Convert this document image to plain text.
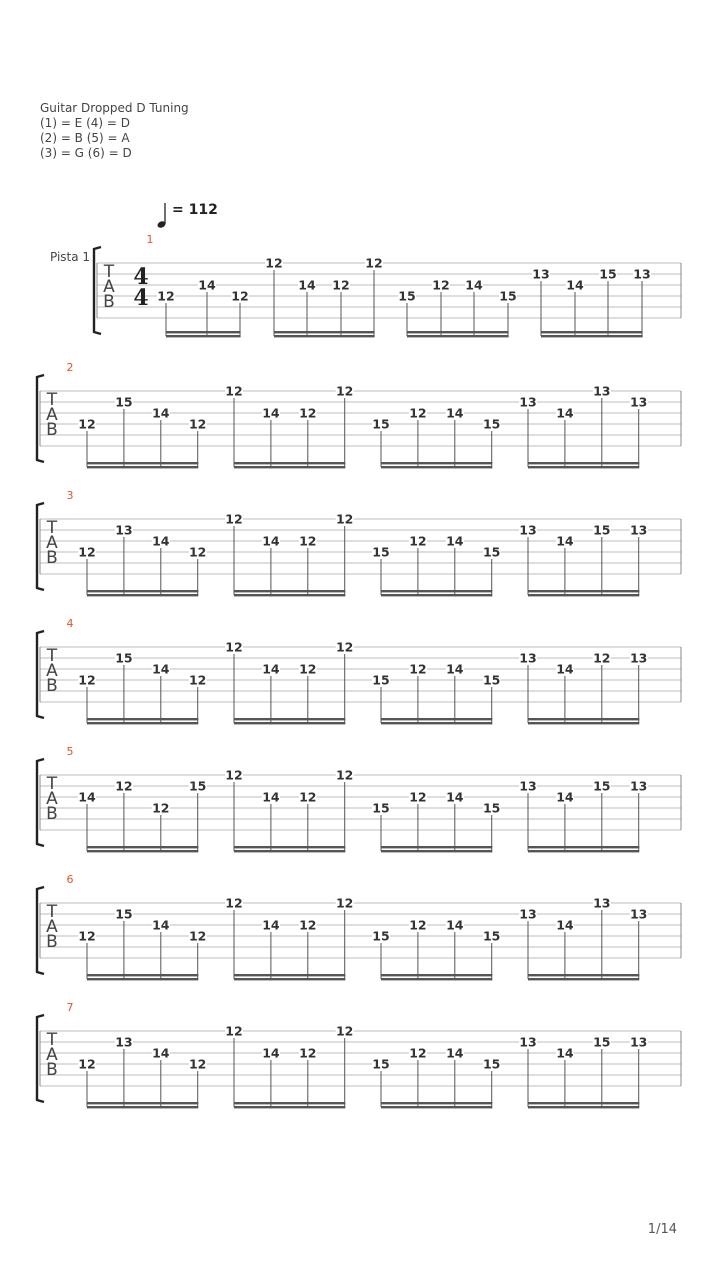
Guitar Dropped D Tuning
(1) = E (4) = D
(2) = B (5) = A
(3) = G (6) = D
= 112
Pista 1
T
A
B
4
4
1
12
14
12
12
14 12
12
15
12 14
15
13
14
15 13
T
A
B
2
12
15
14
12
12
14 12
12
15
12 14
15
13
14
13
13
T
A
B
3
12
13
14
12
12
14 12
12
15
12 14
15
13
14
15 13
T
A
B
4
12
15
14
12
12
14 12
12
15
12 14
15
13
14
12 13
T
A
B
5
14
12
12
15
12
14 12
12
15
12 14
15
13
14
15 13
T
A
B
6
12
15
14
12
12
14 12
12
15
12 14
15
13
14
13
13
T
A
B
7
12
13
14
12
12
14 12
12
15
12 14
15
13
14
15 13
1/14
